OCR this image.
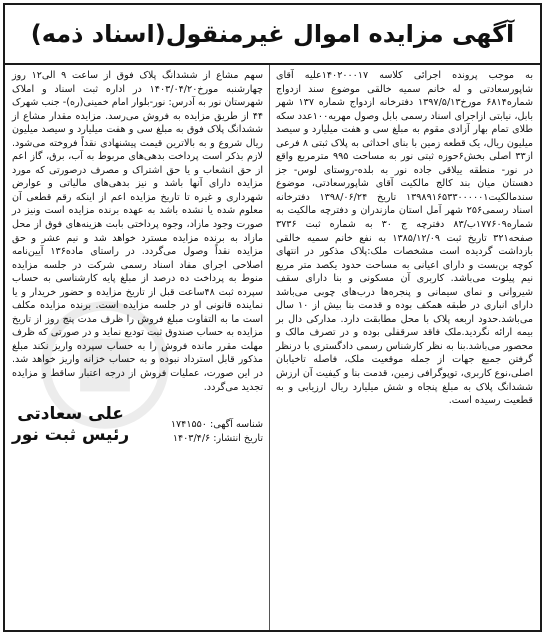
آگهی مزایده اموال غیرمنقول(اسناد ذمه)

به موجب پرونده اجرائی کلاسه ۱۴۰۲۰۰۰۱۷علیه آقای شاپورسعادتی و له خانم سمیه خالقی موضوع سند ازدواج شماره۶۸۱۴ مورخ۱۳۹۷/۵/۱۳ دفترخانه ازدواج شماره ۱۳۷ شهر بابل، نیابتی ازاجرای اسناد رسمی بابل وصول مهریه۱۰۰عدد سکه طلای تمام بهار آزادی مقوم به مبلغ سی و هفت میلیارد و سیصد میلیون ریال، یک قطعه زمین با بنای احداثی به پلاک ثبتی ۸ فرعی از۳۳ اصلی بخش۶حوزه ثبتی نور به مساحت ۹۹۵ مترمربع واقع در نور- منطقه ییلاقی جاده نور به بلده-روستای لوس- جز دهستان میان بند کالج مالکیت آقای شاپورسعادتی، موضوع سندمالکیت۱۳۹۸۹۱۶۵۳۳۰۰۰۰۰۱ تاریخ ۱۳۹۸/۰۶/۲۴ دفترخانه اسناد رسمی۲۵۶ شهر آمل استان مازندران و دفترچه مالکیت به شماره۱۷۷۶۰۹ب/۸۳ دفترچه ج ۳۰ به شماره ثبت ۳۷۳۶ صفحه۳۲۱ تاریخ ثبت ۱۳۸۵/۱۲/۰۹ به نفع خانم سمیه خالقی بازداشت گردیده است مشخصات ملک:پلاک مذکور در انتهای کوچه بن‌بست و دارای اعیانی به مساحت حدود یکصد متر مربع نیم پیلوت می‌باشد. کاربری آن مسکونی و بنا دارای سقف شیروانی و نمای سیمانی و پنجره‌ها درب‌های چوبی می‌باشد دارای انباری در طبقه همکف بوده و قدمت بنا بیش از ۱۰ سال می‌باشد.حدود اربعه پلاک با محل مطابقت دارد. مدارکی دال بر بیمه ارائه نگردید.ملک فاقد سرقفلی بوده و در تصرف مالک و محصور می‌باشد.بنا به نظر کارشناس رسمی دادگستری با درنظر گرفتن جمیع جهات از جمله موقعیت ملک، فاصله تاخیابان اصلی،نوع کاربری، توپوگرافی زمین، قدمت بنا و کیفیت آن ارزش ششدانگ پلاک به مبلغ پنجاه و شش میلیارد ریال ارزیابی و به قطعیت رسیده است.

سهم مشاع از ششدانگ پلاک فوق از ساعت ۹ الی۱۲ روز چهارشنبه مورخ۱۴۰۳/۰۴/۲۰ در اداره ثبت اسناد و املاک شهرستان نور به آدرس: نور-بلوار امام خمینی(ره)- جنب شهرک ۴۴ از طریق مزایده به فروش می‌رسد. مزایده مقدار مشاع از ششدانگ پلاک فوق به مبلغ سی و هفت میلیارد و سیصد میلیون ریال شروع و به بالاترین قیمت پیشنهادی نقداً فروخته می‌شود. لازم بذکر است پرداخت بدهی‌های مربوط به آب، برق، گاز اعم از حق انشعاب و یا حق اشتراک و مصرف درصورتی که مورد مزایده دارای آنها باشد و نیز بدهی‌های مالیاتی و عوارض شهرداری و غیره تا تاریخ مزایده اعم از اینکه رقم قطعی آن معلوم شده یا نشده باشد به عهده برنده مزایده است ونیز در صورت وجود مازاد، وجوه پرداختی بابت هزینه‌های فوق از محل مازاد به برنده مزایده مسترد خواهد شد و نیم عشر و حق مزایده نقداً وصول می‌گردد. در راستای ماده۱۳۶ آیین‌نامه اصلاحی اجرای مفاد اسناد رسمی شرکت در جلسه مزایده منوط به پرداخت ده درصد از مبلغ پایه کارشناسی به حساب سپرده ثبت ۴۸ساعت قبل از تاریخ مزایده و حضور خریدار و یا نماینده قانونی او در جلسه مزایده است. برنده مزایده مکلف است ما به التفاوت مبلغ فروش را ظرف مدت پنج روز از تاریخ مزایده به حساب صندوق ثبت تودیع نماید و در صورتی که ظرف مهلت مقرر مانده فروش را به حساب سپرده واریز نکند مبلغ مذکور قابل استرداد نبوده و به حساب خزانه واریز خواهد شد. در این صورت، عملیات فروش از درجه اعتبار ساقط و مزایده تجدید می‌گردد.

شناسه آگهی: ۱۷۴۱۵۵۰
تاریخ انتشار: ۱۴۰۳/۴/۶
علی سعادتی
رئیس ثبت نور
